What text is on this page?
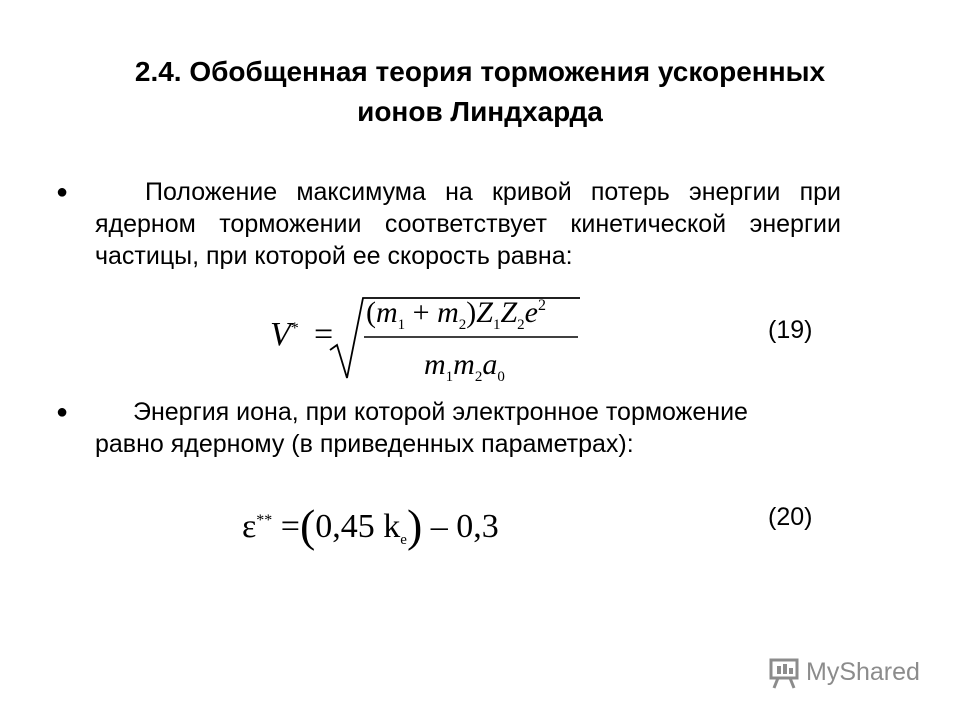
2.4. Обобщенная теория торможения ускоренных
ионов Линдхарда
●	Положение максимума на кривой потерь энергии при ядерном торможении соответствует кинетической энергии частицы, при которой ее скорость равна:
V* =
$(m_1 + m_2)Z_1Z_2e^2$
$m_1m_2a_0$
(19)
●	Энергия иона, при которой электронное торможение равно ядерному (в приведенных параметрах):
ε** =(0,45 $k_e) - 0,3$	(20)
MyShared
